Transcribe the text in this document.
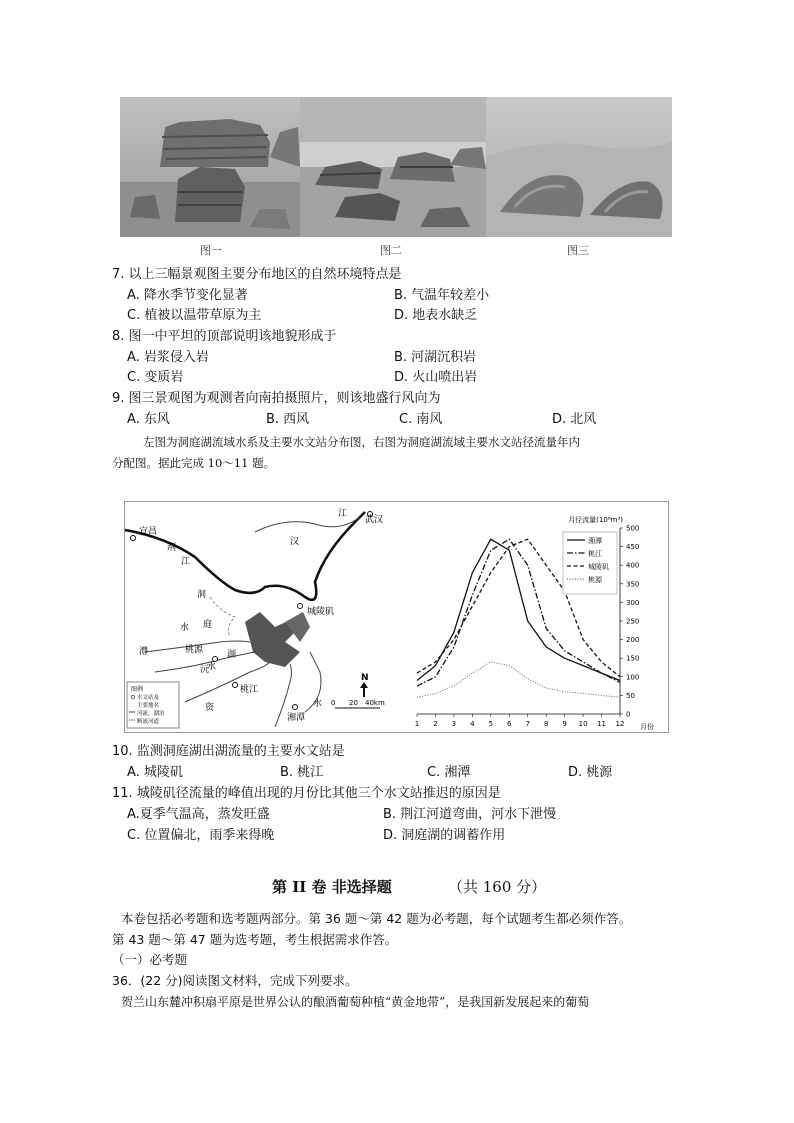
图一	图二	图三
7. 以上三幅景观图主要分布地区的自然环境特点是
A. 降水季节变化显著	B. 气温年较差小
C. 植被以温带草原为主	D. 地表水缺乏
8. 图一中平坦的顶部说明该地貌形成于
A. 岩浆侵入岩	B. 河湖沉积岩
C. 变质岩	D. 火山喷出岩
9. 图三景观图为观测者向南拍摄照片，则该地盛行风向为
A. 东风	B. 西风	C. 南风	D. 北风
左图为洞庭湖流域水系及主要水文站分布图，右图为洞庭湖流域主要水文站径流量年内
分配图。据此完成 10～11 题。
江
武汉
汉
宜昌
荆
江
洞
水 庭
湖
城陵矶
澧	桃源
沅
桃江
资
湘潭
水
水
N
0 20 40km
图例
水文站及
主要地名
河流、湖泊
断流河道
月径流量(10⁸m³)
0
50
100
150
200
250
300
350
400
450
500
1 2 3 4 5 6 7 8 9 10 11 12
湘潭
桃江
城陵矶
桃源
月份
10. 监测洞庭湖出湖流量的主要水文站是
A. 城陵矶	B. 桃江	C. 湘潭	D. 桃源
11. 城陵矶径流量的峰值出现的月份比其他三个水文站推迟的原因是
A.夏季气温高，蒸发旺盛	B. 荆江河道弯曲，河水下泄慢
C. 位置偏北，雨季来得晚	D. 洞庭湖的调蓄作用
第 II 卷 非选择题	（共 160 分）
本卷包括必考题和选考题两部分。第 36 题～第 42 题为必考题，每个试题考生都必须作答。
第 43 题～第 47 题为选考题，考生根据需求作答。
（一）必考题
36．(22 分)阅读图文材料，完成下列要求。
贺兰山东麓冲积扇平原是世界公认的酿酒葡萄种植“黄金地带”，是我国新发展起来的葡萄
